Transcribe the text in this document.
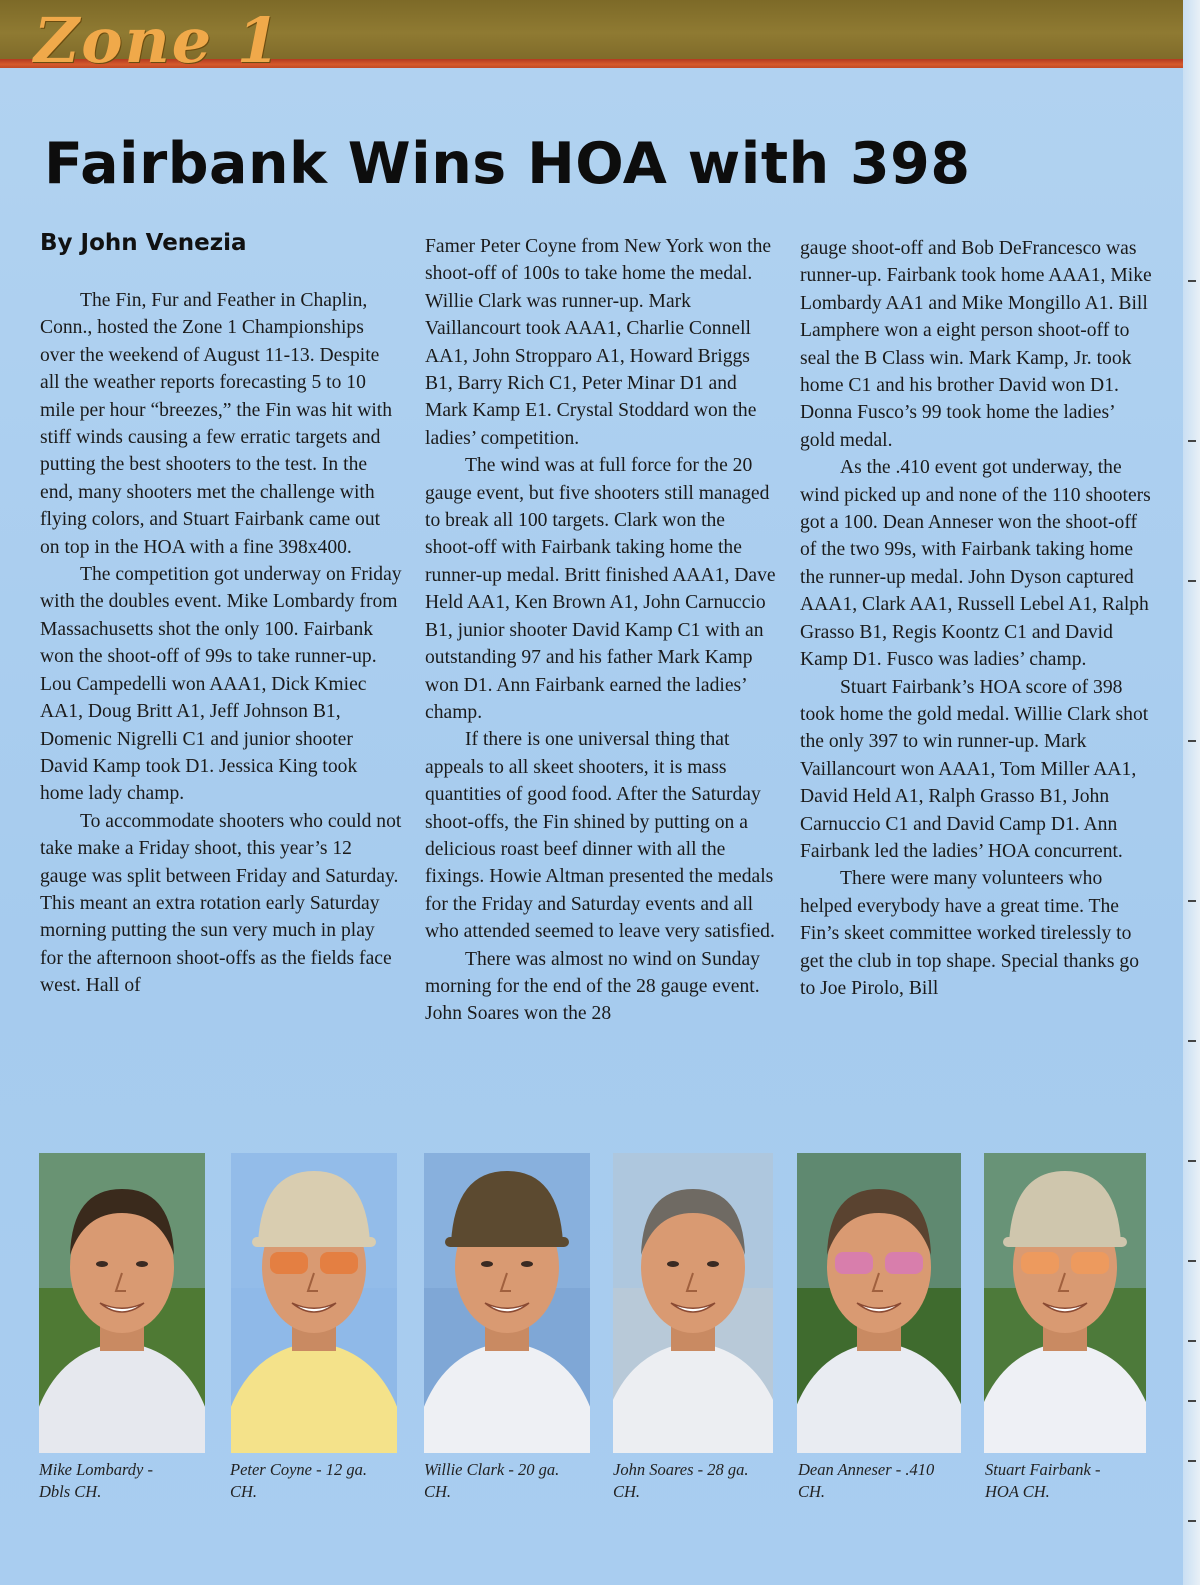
Zone 1
Fairbank Wins HOA with 398
By John Venezia

The Fin, Fur and Feather in Chaplin, Conn., hosted the Zone 1 Championships over the weekend of August 11-13. Despite all the weather reports forecasting 5 to 10 mile per hour “breezes,” the Fin was hit with stiff winds causing a few erratic targets and putting the best shooters to the test. In the end, many shooters met the challenge with flying colors, and Stuart Fairbank came out on top in the HOA with a fine 398x400.

The competition got underway on Friday with the doubles event. Mike Lombardy from Massachusetts shot the only 100. Fairbank won the shoot-off of 99s to take runner-up. Lou Campedelli won AAA1, Dick Kmiec AA1, Doug Britt A1, Jeff Johnson B1, Domenic Nigrelli C1 and junior shooter David Kamp took D1. Jessica King took home lady champ.

To accommodate shooters who could not take make a Friday shoot, this year’s 12 gauge was split between Friday and Saturday. This meant an extra rotation early Saturday morning putting the sun very much in play for the afternoon shoot-offs as the fields face west. Hall of

Famer Peter Coyne from New York won the shoot-off of 100s to take home the medal. Willie Clark was runner-up. Mark Vaillancourt took AAA1, Charlie Connell AA1, John Stropparo A1, Howard Briggs B1, Barry Rich C1, Peter Minar D1 and Mark Kamp E1. Crystal Stoddard won the ladies’ competition.

The wind was at full force for the 20 gauge event, but five shooters still managed to break all 100 targets. Clark won the shoot-off with Fairbank taking home the runner-up medal. Britt finished AAA1, Dave Held AA1, Ken Brown A1, John Carnuccio B1, junior shooter David Kamp C1 with an outstanding 97 and his father Mark Kamp won D1. Ann Fairbank earned the ladies’ champ.

If there is one universal thing that appeals to all skeet shooters, it is mass quantities of good food. After the Saturday shoot-offs, the Fin shined by putting on a delicious roast beef dinner with all the fixings. Howie Altman presented the medals for the Friday and Saturday events and all who attended seemed to leave very satisfied.

There was almost no wind on Sunday morning for the end of the 28 gauge event. John Soares won the 28

gauge shoot-off and Bob DeFrancesco was runner-up. Fairbank took home AAA1, Mike Lombardy AA1 and Mike Mongillo A1. Bill Lamphere won a eight person shoot-off to seal the B Class win. Mark Kamp, Jr. took home C1 and his brother David won D1. Donna Fusco’s 99 took home the ladies’ gold medal.

As the .410 event got underway, the wind picked up and none of the 110 shooters got a 100. Dean Anneser won the shoot-off of the two 99s, with Fairbank taking home the runner-up medal. John Dyson captured AAA1, Clark AA1, Russell Lebel A1, Ralph Grasso B1, Regis Koontz C1 and David Kamp D1. Fusco was ladies’ champ.

Stuart Fairbank’s HOA score of 398 took home the gold medal. Willie Clark shot the only 397 to win runner-up. Mark Vaillancourt won AAA1, Tom Miller AA1, David Held A1, Ralph Grasso B1, John Carnuccio C1 and David Camp D1. Ann Fairbank led the ladies’ HOA concurrent.

There were many volunteers who helped everybody have a great time. The Fin’s skeet committee worked tirelessly to get the club in top shape. Special thanks go to Joe Pirolo, Bill

Mike Lombardy -
Dbls CH.
Peter Coyne - 12 ga.
CH.
Willie Clark - 20 ga.
CH.
John Soares - 28 ga.
CH.
Dean Anneser - .410
CH.
Stuart Fairbank -
HOA CH.
